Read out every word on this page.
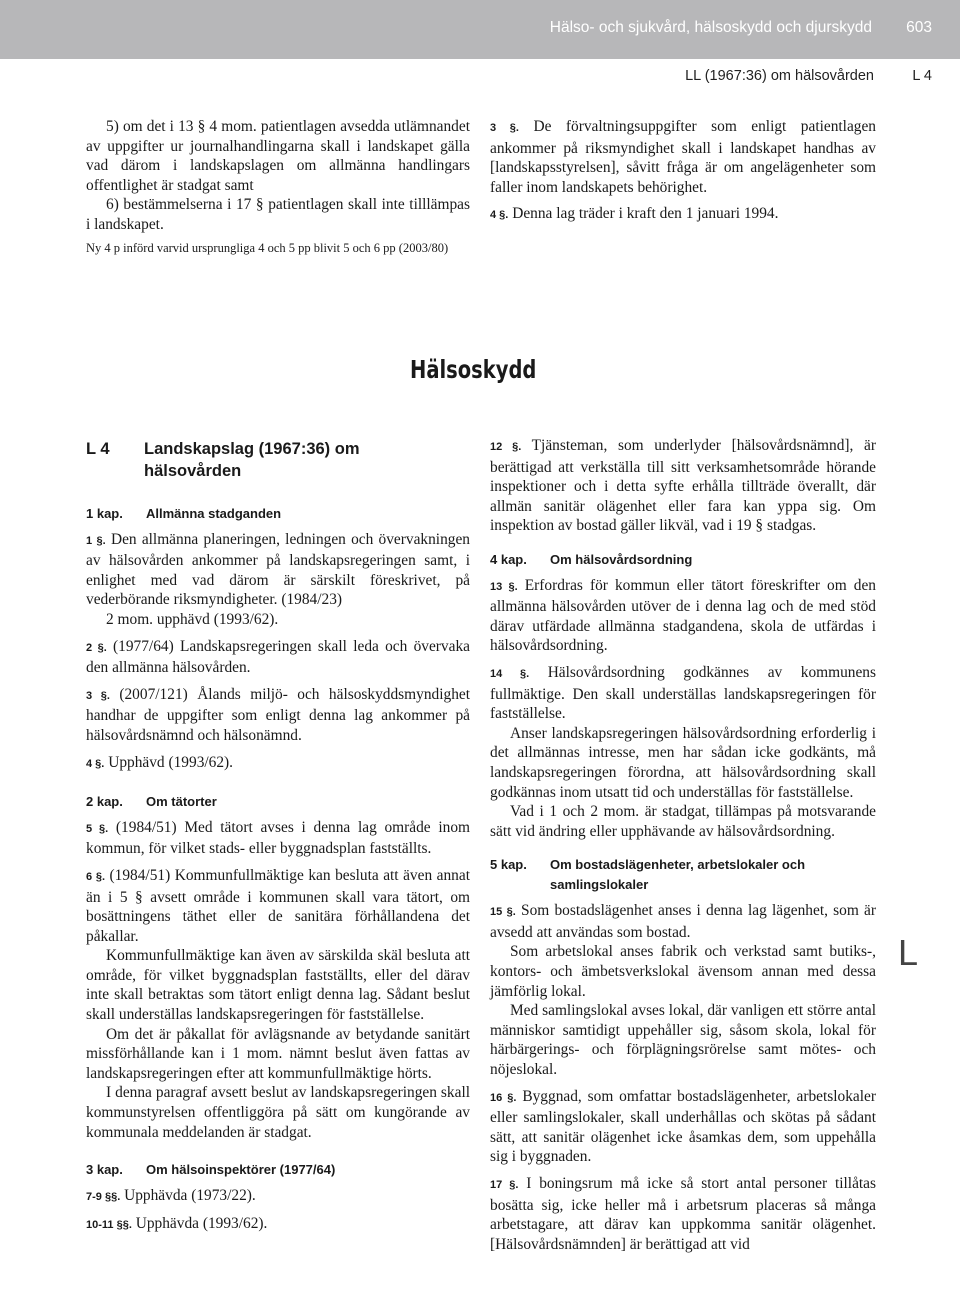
Hälso- och sjukvård, hälsoskydd och djurskydd 603
LL (1967:36) om hälsovården	L 4

5) om det i 13 § 4 mom. patientlagen avsedda utlämnandet av uppgifter ur journalhandlingarna skall i landskapet gälla vad därom i landskapslagen om allmänna handlingars offentlighet är stadgat samt

6) bestämmelserna i 17 § patientlagen skall inte tilllämpas i landskapet.

Ny 4 p införd varvid ursprungliga 4 och 5 pp blivit 5 och 6 pp (2003/80)

3 §. De förvaltningsuppgifter som enligt patientlagen ankommer på riksmyndighet skall i landskapet handhas av [landskapsstyrelsen], såvitt fråga är om angelägenheter som faller inom landskapets behörighet.

4 §. Denna lag träder i kraft den 1 januari 1994.

Hälsoskydd
L 4	Landskapslag (1967:36) om hälsovården
1 kap.	Allmänna stadganden

1 §. Den allmänna planeringen, ledningen och övervakningen av hälsovården ankommer på landskapsregeringen samt, i enlighet med vad därom är särskilt föreskrivet, på vederbörande riksmyndigheter. (1984/23)

2 mom. upphävd (1993/62).

2 §. (1977/64) Landskapsregeringen skall leda och övervaka den allmänna hälsovården.

3 §. (2007/121) Ålands miljö- och hälsoskyddsmyndighet handhar de uppgifter som enligt denna lag ankommer på hälsovårdsnämnd och hälsonämnd.

4 §. Upphävd (1993/62).

2 kap.	Om tätorter

5 §. (1984/51) Med tätort avses i denna lag område inom kommun, för vilket stads- eller byggnadsplan fastställts.

6 §. (1984/51) Kommunfullmäktige kan besluta att även annat än i 5 § avsett område i kommunen skall vara tätort, om bosättningens täthet eller de sanitära förhållandena det påkallar.

Kommunfullmäktige kan även av särskilda skäl besluta att område, för vilket byggnadsplan fastställts, eller del därav inte skall betraktas som tätort enligt denna lag. Sådant beslut skall underställas landskapsregeringen för fastställelse.

Om det är påkallat för avlägsnande av betydande sanitärt missförhållande kan i 1 mom. nämnt beslut även fattas av landskapsregeringen efter att kommunfullmäktige hörts.

I denna paragraf avsett beslut av landskapsregeringen skall kommunstyrelsen offentliggöra på sätt om kungörande av kommunala meddelanden är stadgat.

3 kap.	Om hälsoinspektörer (1977/64)

7-9 §§. Upphävda (1973/22).

10-11 §§. Upphävda (1993/62).

12 §. Tjänsteman, som underlyder [hälsovårdsnämnd], är berättigad att verkställa till sitt verksamhetsområde hörande inspektioner och i detta syfte erhålla tillträde överallt, där allmän sanitär olägenhet eller fara kan yppa sig. Om inspektion av bostad gäller likväl, vad i 19 § stadgas.

4 kap.	Om hälsovårdsordning

13 §. Erfordras för kommun eller tätort föreskrifter om den allmänna hälsovården utöver de i denna lag och de med stöd därav utfärdade allmänna stadgandena, skola de utfärdas i hälsovårdsordning.

14 §. Hälsovårdsordning godkännes av kommunens fullmäktige. Den skall underställas landskapsregeringen för fastställelse.

Anser landskapsregeringen hälsovårdsordning erforderlig i det allmännas intresse, men har sådan icke godkänts, må landskapsregeringen förordna, att hälsovårdsordning skall godkännas inom utsatt tid och underställas för fastställelse.

Vad i 1 och 2 mom. är stadgat, tillämpas på motsvarande sätt vid ändring eller upphävande av hälsovårdsordning.

5 kap.	Om bostadslägenheter, arbetslokaler och samlingslokaler

15 §. Som bostadslägenhet anses i denna lag lägenhet, som är avsedd att användas som bostad.

Som arbetslokal anses fabrik och verkstad samt butiks-, kontors- och ämbetsverkslokal ävensom annan med dessa jämförlig lokal.

Med samlingslokal avses lokal, där vanligen ett större antal människor samtidigt uppehåller sig, såsom skola, lokal för härbärgerings- och förplägningsrörelse samt mötes- och nöjeslokal.

16 §. Byggnad, som omfattar bostadslägenheter, arbetslokaler eller samlingslokaler, skall underhållas och skötas på sådant sätt, att sanitär olägenhet icke åsamkas dem, som uppehålla sig i byggnaden.

17 §. I boningsrum må icke så stort antal personer tillåtas bosätta sig, icke heller må i arbetsrum placeras så många arbetstagare, att därav kan uppkomma sanitär olägenhet. [Hälsovårdsnämnden] är berättigad att vid

L
